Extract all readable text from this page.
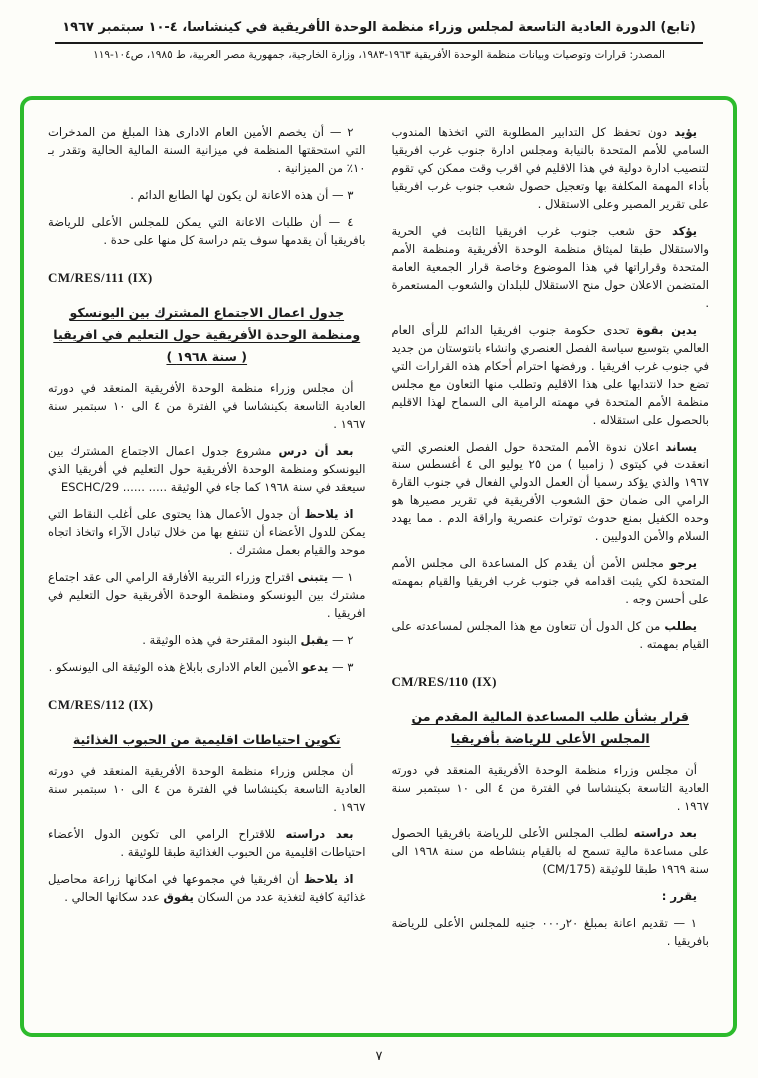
(تابع) الدورة العادية التاسعة لمجلس وزراء منظمة الوحدة الأفريقية في كينشاسا، ٤-١٠ سبتمبر ١٩٦٧
المصدر: قرارات وتوصيات وبيانات منظمة الوحدة الأفريقية ١٩٦٣-١٩٨٣، وزارة الخارجية، جمهورية مصر العربية، ط ١٩٨٥، ص١٠٤-١١٩
يؤيد دون تحفظ كل التدابير المطلوبة التي اتخذها المندوب السامي للأمم المتحدة بالنيابة ومجلس ادارة جنوب غرب افريقيا لتنصيب ادارة دولية في هذا الاقليم في اقرب وقت ممكن كي تقوم بأداء المهمة المكلفة بها وتعجيل حصول شعب جنوب غرب افريقيا على تقرير المصير وعلى الاستقلال .
يؤكد حق شعب جنوب غرب افريقيا الثابت في الحرية والاستقلال طبقا لميثاق منظمة الوحدة الأفريقية ومنظمة الأمم المتحدة وقراراتها في هذا الموضوع وخاصة قرار الجمعية العامة المتضمن الاعلان حول منح الاستقلال للبلدان والشعوب المستعمرة .
يدين بقوة تحدى حكومة جنوب افريقيا الدائم للرأى العام العالمي بتوسيع سياسة الفصل العنصري وانشاء بانتوستان من جديد في جنوب غرب افريقيا . ورفضها احترام أحكام هذه القرارات التي تضع حدا لانتدابها على هذا الاقليم وتطلب منها التعاون مع مجلس منظمة الأمم المتحدة في مهمته الرامية الى السماح لهذا الاقليم بالحصول على استقلاله .
يساند اعلان ندوة الأمم المتحدة حول الفصل العنصري التي انعقدت في كيتوى ( زامبيا ) من ٢٥ يوليو الى ٤ أغسطس سنة ١٩٦٧ والذي يؤكد رسميا أن العمل الدولي الفعال في جنوب القارة الرامي الى ضمان حق الشعوب الأفريقية في تقرير مصيرها هو وحده الكفيل بمنع حدوث توترات عنصرية واراقة الدم . مما يهدد السلام والأمن الدوليين .
يرجو مجلس الأمن أن يقدم كل المساعدة الى مجلس الأمم المتحدة لكي يثبت اقدامه في جنوب غرب افريقيا والقيام بمهمته على أحسن وجه .
يطلب من كل الدول أن تتعاون مع هذا المجلس لمساعدته على القيام بمهمته .
CM/RES/110 (IX)
قرار بشأن طلب المساعدة المالية المقدم من المجلس الأعلى للرياضة بأفريقيا
أن مجلس وزراء منظمة الوحدة الأفريقية المنعقد في دورته العادية التاسعة بكينشاسا في الفترة من ٤ الى ١٠ سبتمبر سنة ١٩٦٧ .
بعد دراسته لطلب المجلس الأعلى للرياضة بافريقيا الحصول على مساعدة مالية تسمح له بالقيام بنشاطه من سنة ١٩٦٨ الى سنة ١٩٦٩ طبقا للوثيقة (CM/175)
يقرر :
١ — تقديم اعانة بمبلغ ٢٠ر٠٠٠ جنيه للمجلس الأعلى للرياضة بافريقيا .
٢ — أن يخصم الأمين العام الادارى هذا المبلغ من المدخرات التي استحقتها المنظمة في ميزانية السنة المالية الحالية وتقدر بـ ١٠٪ من الميزانية .
٣ — أن هذه الاعانة لن يكون لها الطابع الدائم .
٤ — أن طلبات الاعانة التي يمكن للمجلس الأعلى للرياضة بافريقيا أن يقدمها سوف يتم دراسة كل منها على حدة .
CM/RES/111 (IX)
جدول اعمال الاجتماع المشترك بين اليونسكو ومنظمة الوحدة الأفريقية حول التعليم في افريقيا ( سنة ١٩٦٨ )
أن مجلس وزراء منظمة الوحدة الأفريقية المنعقد في دورته العادية التاسعة بكينشاسا في الفترة من ٤ الى ١٠ سبتمبر سنة ١٩٦٧ .
بعد أن درس مشروع جدول اعمال الاجتماع المشترك بين اليونسكو ومنظمة الوحدة الأفريقية حول التعليم في أفريقيا الذي سيعقد في سنة ١٩٦٨ كما جاء في الوثيقة ..... ...... ESCHC/29
اذ يلاحظ أن جدول الأعمال هذا يحتوى على أغلب النقاط التي يمكن للدول الأعضاء أن تنتفع بها من خلال تبادل الآراء واتخاذ اتجاه موحد والقيام بعمل مشترك .
١ — يتبنى اقتراح وزراء التربية الأفارقة الرامي الى عقد اجتماع مشترك بين اليونسكو ومنظمة الوحدة الأفريقية حول التعليم في افريقيا .
٢ — يقبل البنود المقترحة في هذه الوثيقة .
٣ — يدعو الأمين العام الادارى بابلاغ هذه الوثيقة الى اليونسكو .
CM/RES/112 (IX)
تكوين احتياطات اقليمية من الحبوب الغذائية
أن مجلس وزراء منظمة الوحدة الأفريقية المنعقد في دورته العادية التاسعة بكينشاسا في الفترة من ٤ الى ١٠ سبتمبر سنة ١٩٦٧ .
بعد دراسته للاقتراح الرامي الى تكوين الدول الأعضاء احتياطات اقليمية من الحبوب الغذائية طبقا للوثيقة .
اذ يلاحظ أن افريقيا في مجموعها في امكانها زراعة محاصيل غذائية كافية لتغذية عدد من السكان يفوق عدد سكانها الحالي .
٧
